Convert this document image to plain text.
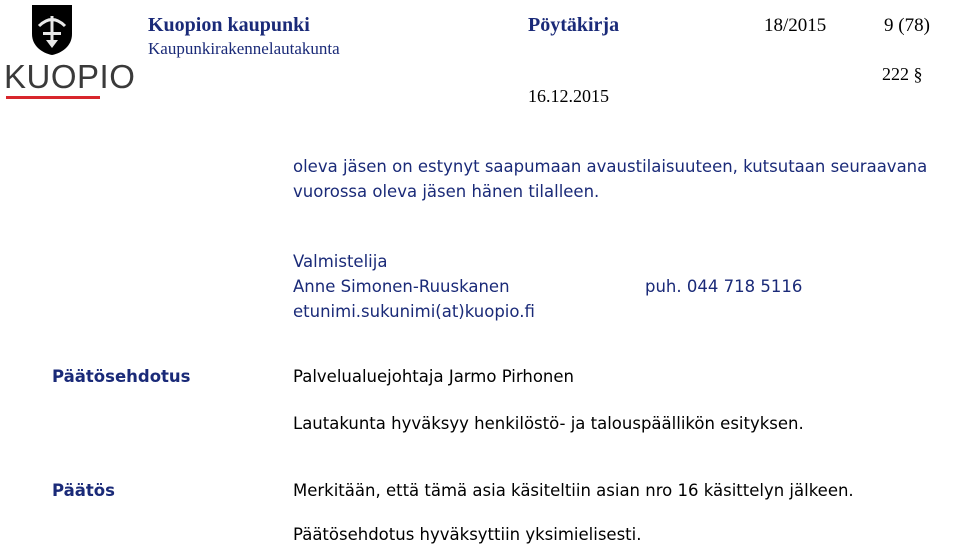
KUOPIO
Kuopion kaupunki
Kaupunkirakennelautakunta
Pöytäkirja	18/2015	9 (78)
222 §
16.12.2015
oleva jäsen on estynyt saapumaan avaustilaisuuteen, kutsutaan seuraavana
vuorossa oleva jäsen hänen tilalleen.
Valmistelija
Anne Simonen-Ruuskanen	puh. 044 718 5116
etunimi.sukunimi(at)kuopio.fi
Päätösehdotus	Palvelualuejohtaja Jarmo Pirhonen
Lautakunta hyväksyy henkilöstö- ja talouspäällikön esityksen.
Päätös	Merkitään, että tämä asia käsiteltiin asian nro 16 käsittelyn jälkeen.
Päätösehdotus hyväksyttiin yksimielisesti.
